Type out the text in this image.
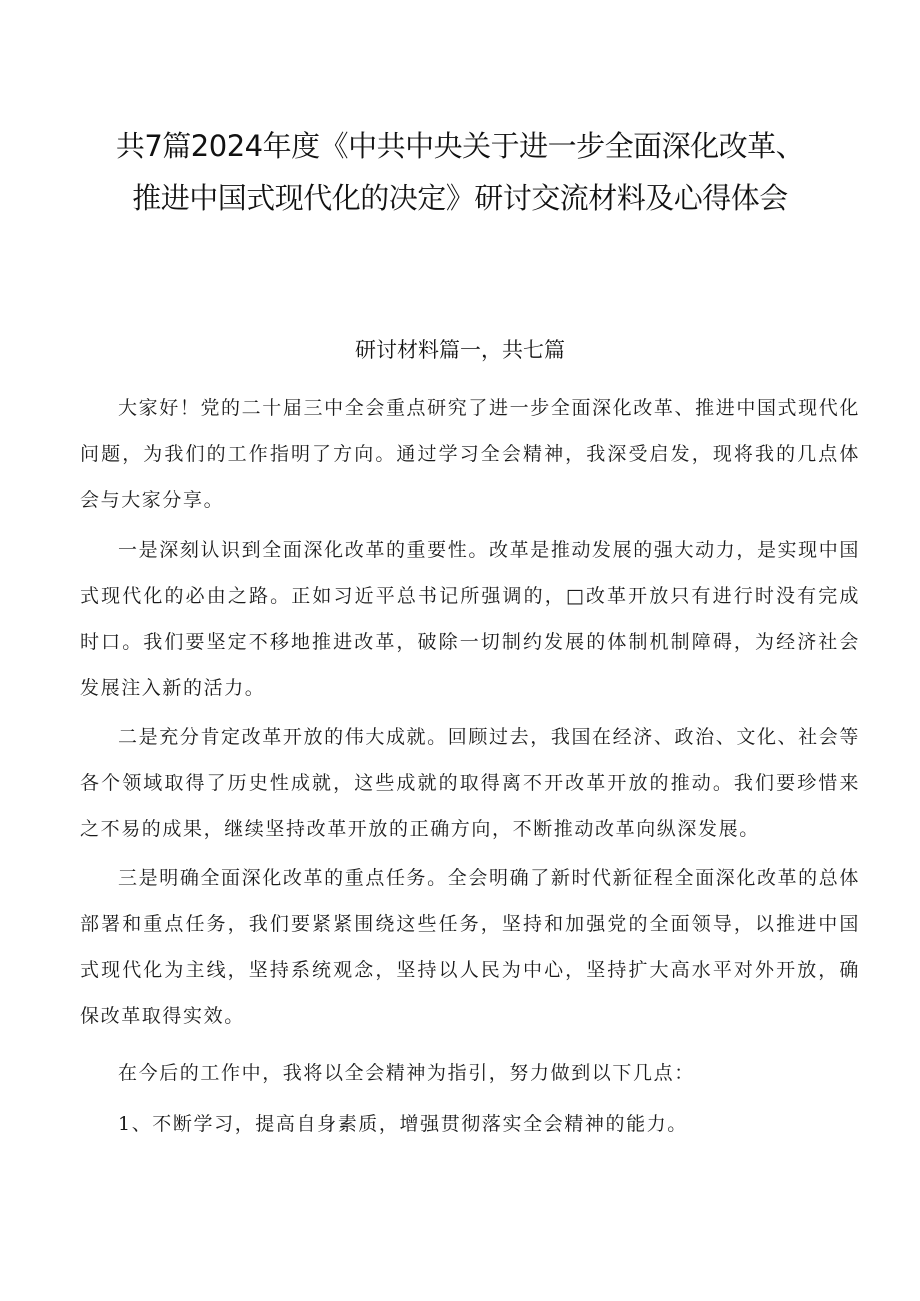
共7篇2024年度《中共中央关于进一步全面深化改革、推进中国式现代化的决定》研讨交流材料及心得体会
研讨材料篇一，共七篇

大家好！党的二十届三中全会重点研究了进一步全面深化改革、推进中国式现代化问题，为我们的工作指明了方向。通过学习全会精神，我深受启发，现将我的几点体会与大家分享。

一是深刻认识到全面深化改革的重要性。改革是推动发展的强大动力，是实现中国式现代化的必由之路。正如习近平总书记所强调的，□改革开放只有进行时没有完成时口。我们要坚定不移地推进改革，破除一切制约发展的体制机制障碍，为经济社会发展注入新的活力。

二是充分肯定改革开放的伟大成就。回顾过去，我国在经济、政治、文化、社会等各个领域取得了历史性成就，这些成就的取得离不开改革开放的推动。我们要珍惜来之不易的成果，继续坚持改革开放的正确方向，不断推动改革向纵深发展。

三是明确全面深化改革的重点任务。全会明确了新时代新征程全面深化改革的总体部署和重点任务，我们要紧紧围绕这些任务，坚持和加强党的全面领导，以推进中国式现代化为主线，坚持系统观念，坚持以人民为中心，坚持扩大高水平对外开放，确保改革取得实效。

在今后的工作中，我将以全会精神为指引，努力做到以下几点：

1、不断学习，提高自身素质，增强贯彻落实全会精神的能力。
